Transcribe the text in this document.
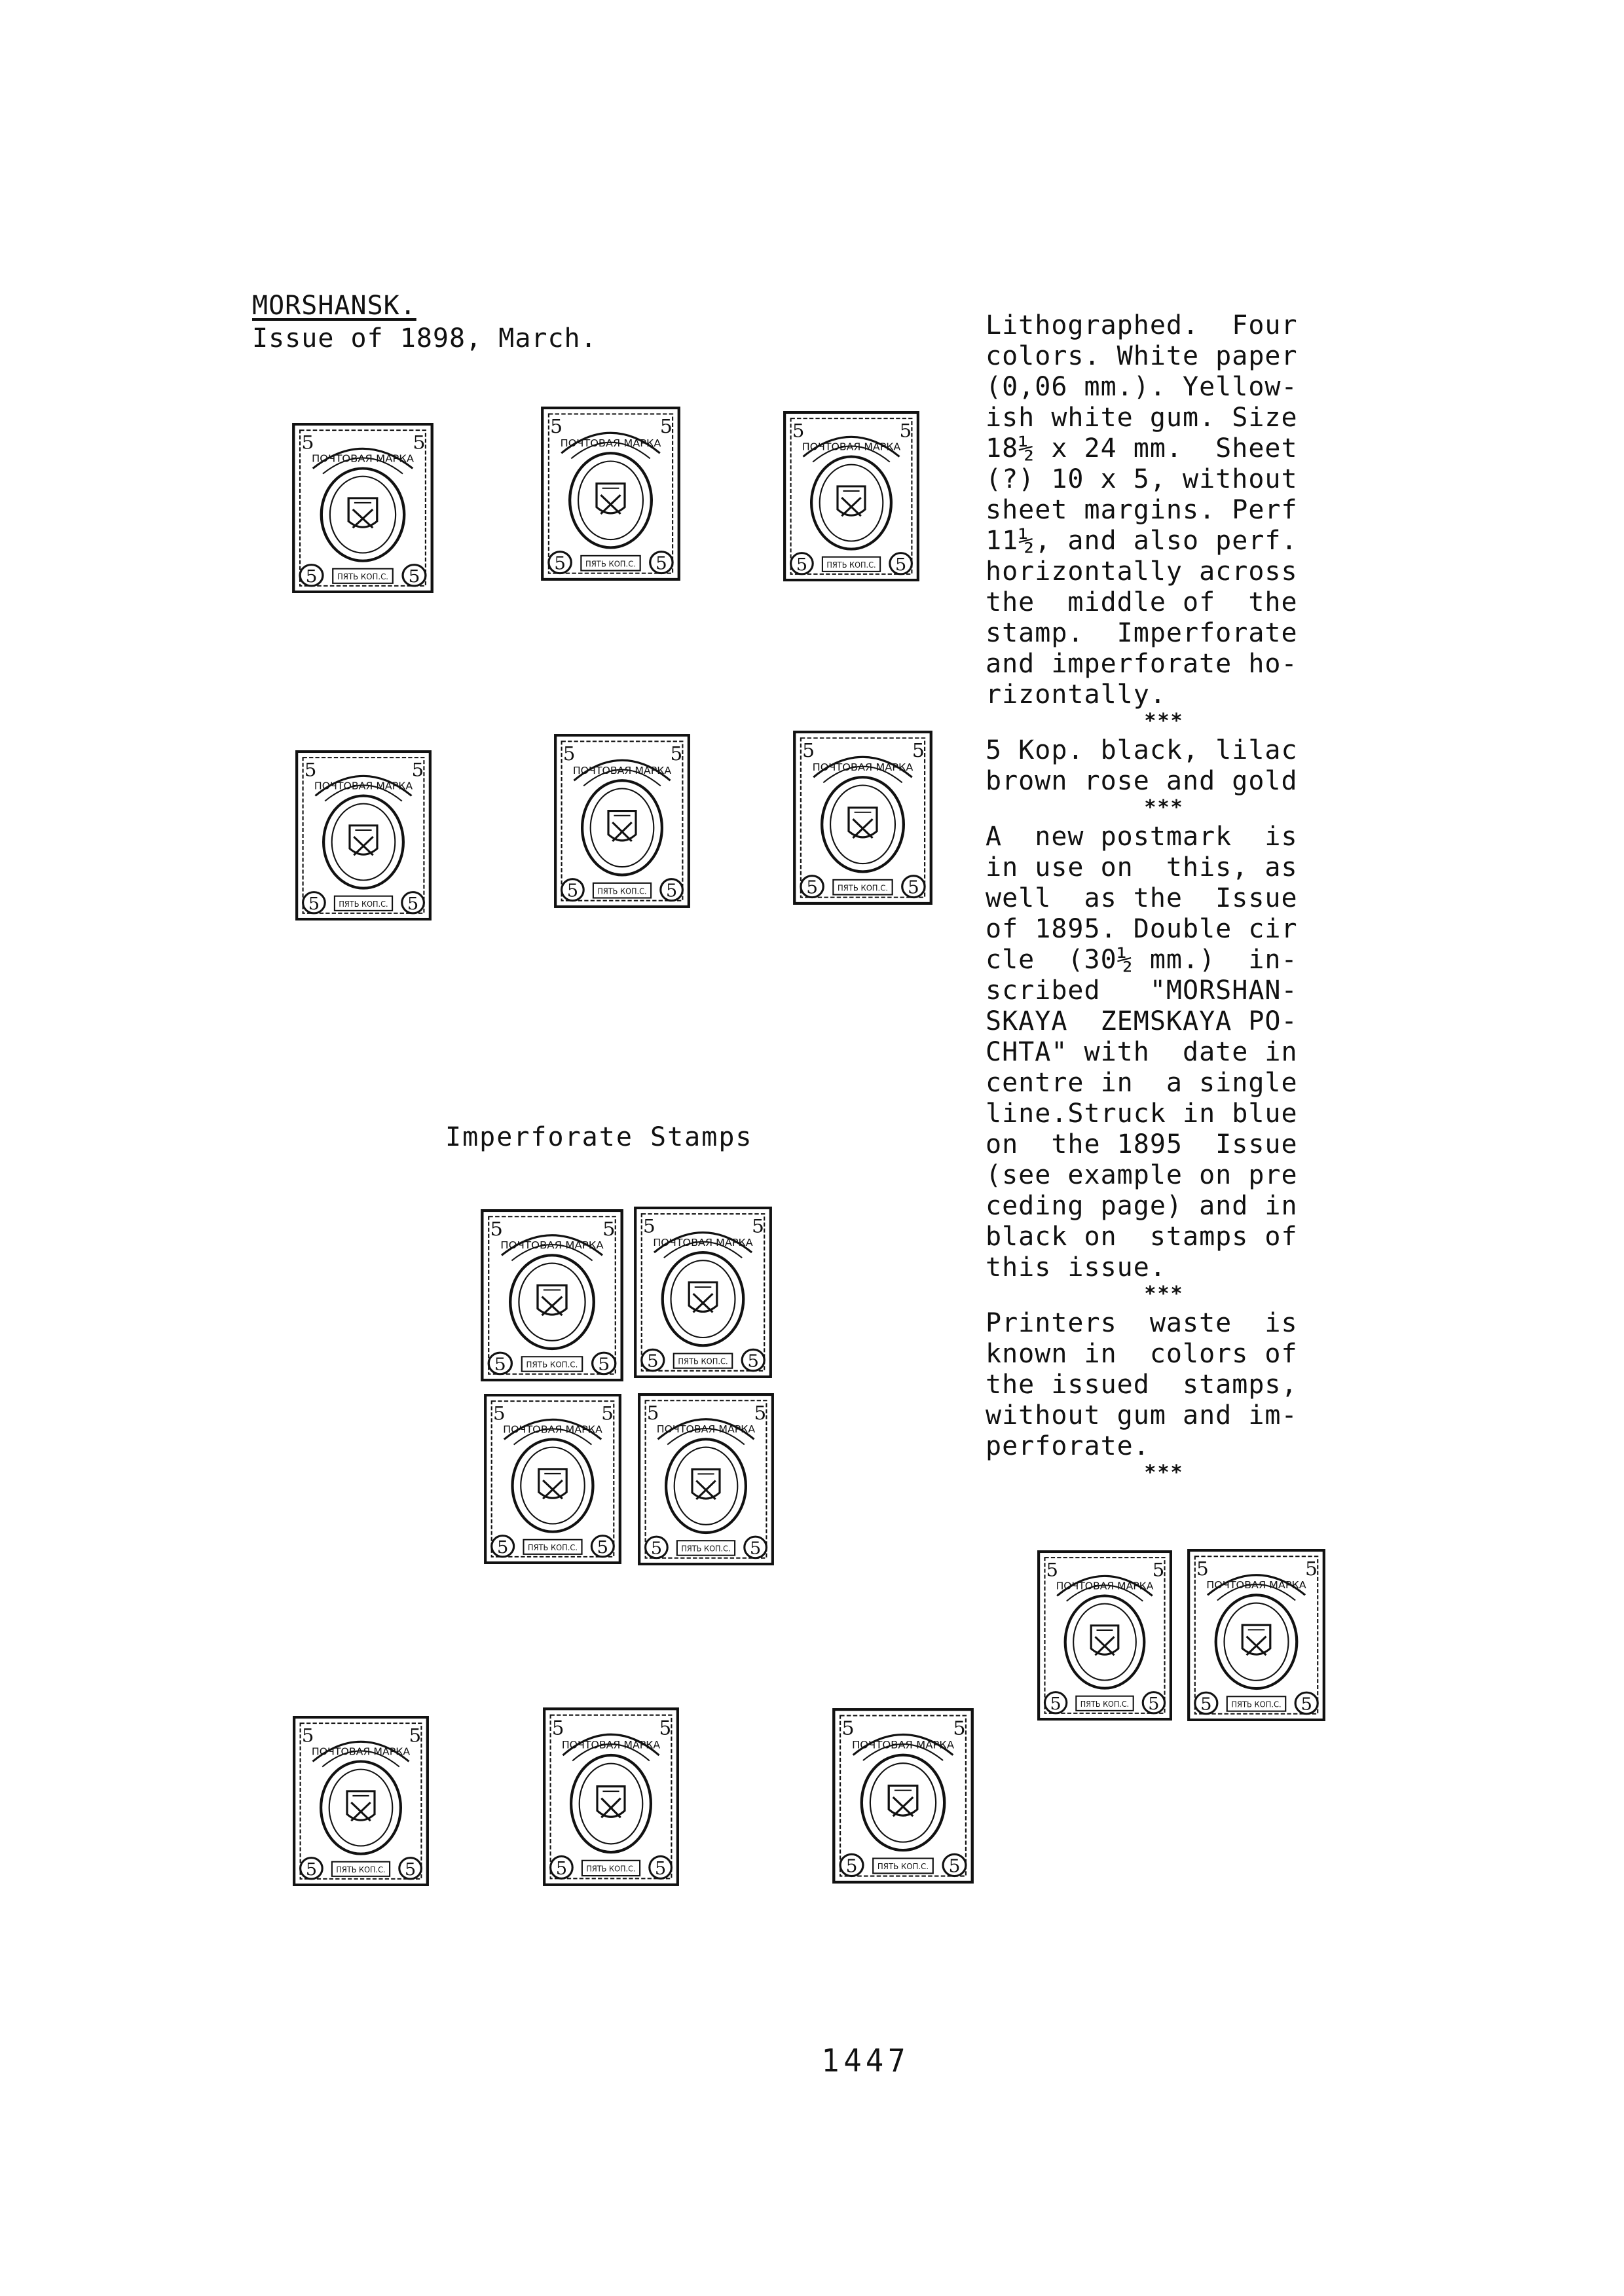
MORSHANSK.
Issue of 1898, March.	Lithographed.  Four

colors. White paper

(0,06 mm.). Yellow-

ish white gum. Size

18½ x 24 mm.  Sheet

(?) 10 x 5, without

sheet margins. Perf

11½, and also perf.

horizontally across

the  middle of  the

stamp.  Imperforate

and imperforate ho-

rizontally.

***

5 Kop. black, lilac

brown rose and gold

***

A  new postmark  is

in use on  this, as

well  as the  Issue

of 1895. Double cir

cle  (30½ mm.)  in-

scribed   "MORSHAN-

SKAYA  ZEMSKAYA PO-

CHTA" with  date in

centre in  a single

line.Struck in blue

on  the 1895  Issue

(see example on pre

ceding page) and in

black on  stamps of

this issue.

***

Printers  waste  is

known in  colors of

the issued  stamps,

without gum and im-

perforate.

***
Imperforate Stamps
1447
ПОЧТОВАЯ МАРКА
5	5
ПЯТЬ КОП.С.
5	5
ПОЧТОВАЯ МАРКА
5	5
ПЯТЬ КОП.С.
5	5
ПОЧТОВАЯ МАРКА
5	5
ПЯТЬ КОП.С.
5	5
ПОЧТОВАЯ МАРКА
5	5
ПЯТЬ КОП.С.
5	5
ПОЧТОВАЯ МАРКА
5	5
ПЯТЬ КОП.С.
5	5
ПОЧТОВАЯ МАРКА
5	5
ПЯТЬ КОП.С.
5	5
ПОЧТОВАЯ МАРКА
5	5
ПЯТЬ КОП.С.
5	5
ПОЧТОВАЯ МАРКА
5	5
ПЯТЬ КОП.С.
5	5
ПОЧТОВАЯ МАРКА
5	5
ПЯТЬ КОП.С.
5	5
ПОЧТОВАЯ МАРКА
5	5
ПЯТЬ КОП.С.
5	5
ПОЧТОВАЯ МАРКА
5	5
ПЯТЬ КОП.С.
5	5
ПОЧТОВАЯ МАРКА
5	5
ПЯТЬ КОП.С.
5	5
ПОЧТОВАЯ МАРКА
5	5
ПЯТЬ КОП.С.
5	5
ПОЧТОВАЯ МАРКА
5	5
ПЯТЬ КОП.С.
5	5
ПОЧТОВАЯ МАРКА
5	5
ПЯТЬ КОП.С.
5	5
